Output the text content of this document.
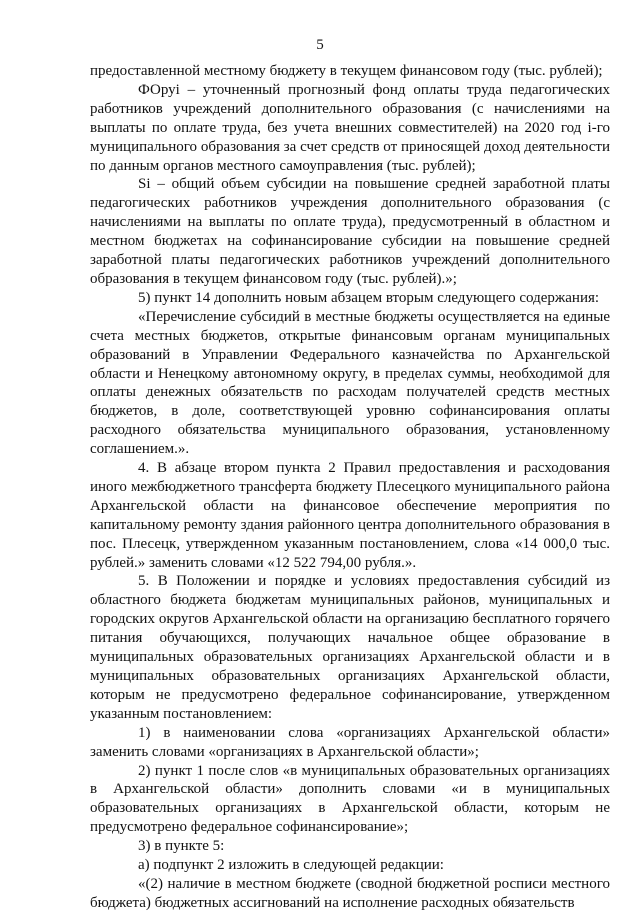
5

предоставленной местному бюджету в текущем финансовом году (тыс. рублей);

ФОруі – уточненный прогнозный фонд оплаты труда педагогических работников учреждений дополнительного образования (с начислениями на выплаты по оплате труда, без учета внешних совместителей) на 2020 год і-го муниципального образования за счет средств от приносящей доход деятельности по данным органов местного самоуправления (тыс. рублей);

Si – общий объем субсидии на повышение средней заработной платы педагогических работников учреждения дополнительного образования (с начислениями на выплаты по оплате труда), предусмотренный в областном и местном бюджетах на софинансирование субсидии на повышение средней заработной платы педагогических работников учреждений дополнительного образования в текущем финансовом году (тыс. рублей).»;

5) пункт 14 дополнить новым абзацем вторым следующего содержания:

«Перечисление субсидий в местные бюджеты осуществляется на единые счета местных бюджетов, открытые финансовым органам муниципальных образований в Управлении Федерального казначейства по Архангельской области и Ненецкому автономному округу, в пределах суммы, необходимой для оплаты денежных обязательств по расходам получателей средств местных бюджетов, в доле, соответствующей уровню софинансирования оплаты расходного обязательства муниципального образования, установленному соглашением.».

4. В абзаце втором пункта 2 Правил предоставления и расходования иного межбюджетного трансферта бюджету Плесецкого муниципального района Архангельской области на финансовое обеспечение мероприятия по капитальному ремонту здания районного центра дополнительного образования в пос. Плесецк, утвержденном указанным постановлением, слова «14 000,0 тыс. рублей.» заменить словами «12 522 794,00 рубля.».

5. В Положении и порядке и условиях предоставления субсидий из областного бюджета бюджетам муниципальных районов, муниципальных и городских округов Архангельской области на организацию бесплатного горячего питания обучающихся, получающих начальное общее образование в муниципальных образовательных организациях Архангельской области и в муниципальных образовательных организациях Архангельской области, которым не предусмотрено федеральное софинансирование, утвержденном указанным постановлением:

1) в наименовании слова «организациях Архангельской области» заменить словами «организациях в Архангельской области»;

2) пункт 1 после слов «в муниципальных образовательных организациях в Архангельской области» дополнить словами «и в муниципальных образовательных организациях в Архангельской области, которым не предусмотрено федеральное софинансирование»;

3) в пункте 5:

а) подпункт 2 изложить в следующей редакции:

«(2) наличие в местном бюджете (сводной бюджетной росписи местного бюджета) бюджетных ассигнований на исполнение расходных обязательств
